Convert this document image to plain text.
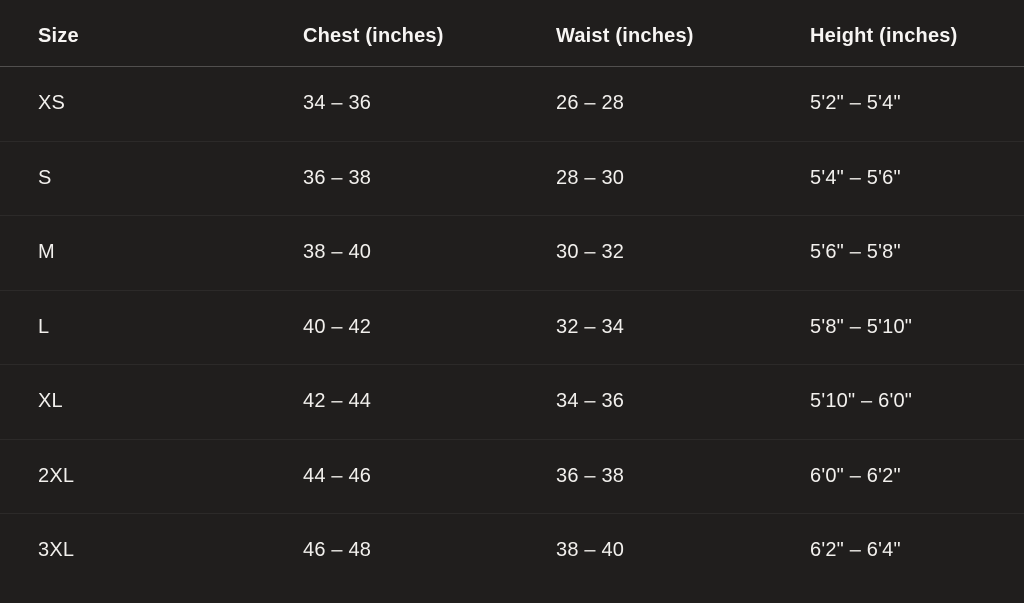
Size	Chest (inches)	Waist (inches)	Height (inches)
XS	34 – 36	26 – 28	5'2" – 5'4"
S	36 – 38	28 – 30	5'4" – 5'6"
M	38 – 40	30 – 32	5'6" – 5'8"
L	40 – 42	32 – 34	5'8" – 5'10"
XL	42 – 44	34 – 36	5'10" – 6'0"
2XL	44 – 46	36 – 38	6'0" – 6'2"
3XL	46 – 48	38 – 40	6'2" – 6'4"
